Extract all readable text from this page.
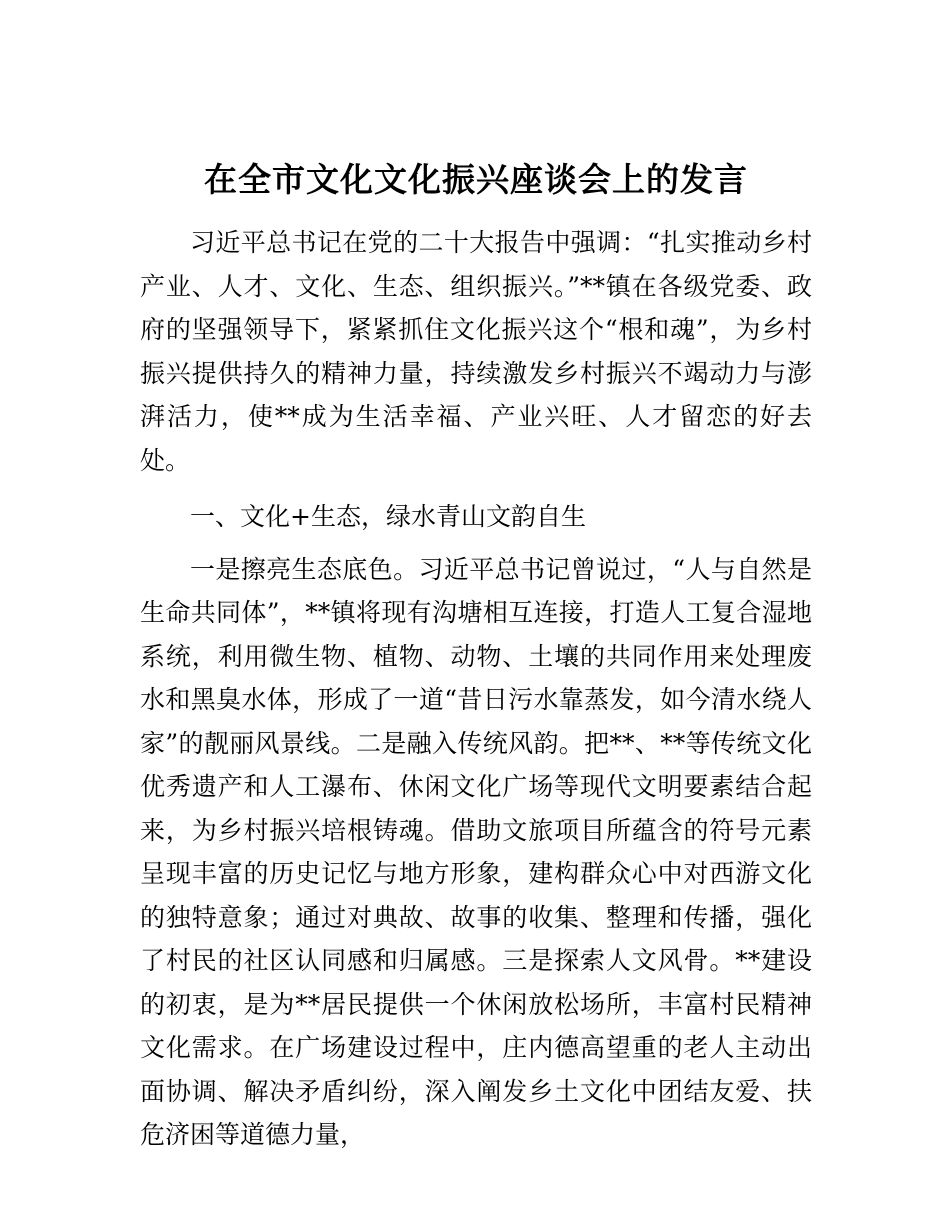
在全市文化文化振兴座谈会上的发言

习近平总书记在党的二十大报告中强调：“扎实推动乡村产业、人才、文化、生态、组织振兴。”**镇在各级党委、政府的坚强领导下，紧紧抓住文化振兴这个“根和魂”，为乡村振兴提供持久的精神力量，持续激发乡村振兴不竭动力与澎湃活力，使**成为生活幸福、产业兴旺、人才留恋的好去处。

一、文化+生态，绿水青山文韵自生

一是擦亮生态底色。习近平总书记曾说过，“人与自然是生命共同体”，**镇将现有沟塘相互连接，打造人工复合湿地系统，利用微生物、植物、动物、土壤的共同作用来处理废水和黑臭水体，形成了一道“昔日污水靠蒸发，如今清水绕人家”的靓丽风景线。二是融入传统风韵。把**、**等传统文化优秀遗产和人工瀑布、休闲文化广场等现代文明要素结合起来，为乡村振兴培根铸魂。借助文旅项目所蕴含的符号元素呈现丰富的历史记忆与地方形象，建构群众心中对西游文化的独特意象；通过对典故、故事的收集、整理和传播，强化了村民的社区认同感和归属感。三是探索人文风骨。**建设的初衷，是为**居民提供一个休闲放松场所，丰富村民精神文化需求。在广场建设过程中，庄内德高望重的老人主动出面协调、解决矛盾纠纷，深入阐发乡土文化中团结友爱、扶危济困等道德力量，
